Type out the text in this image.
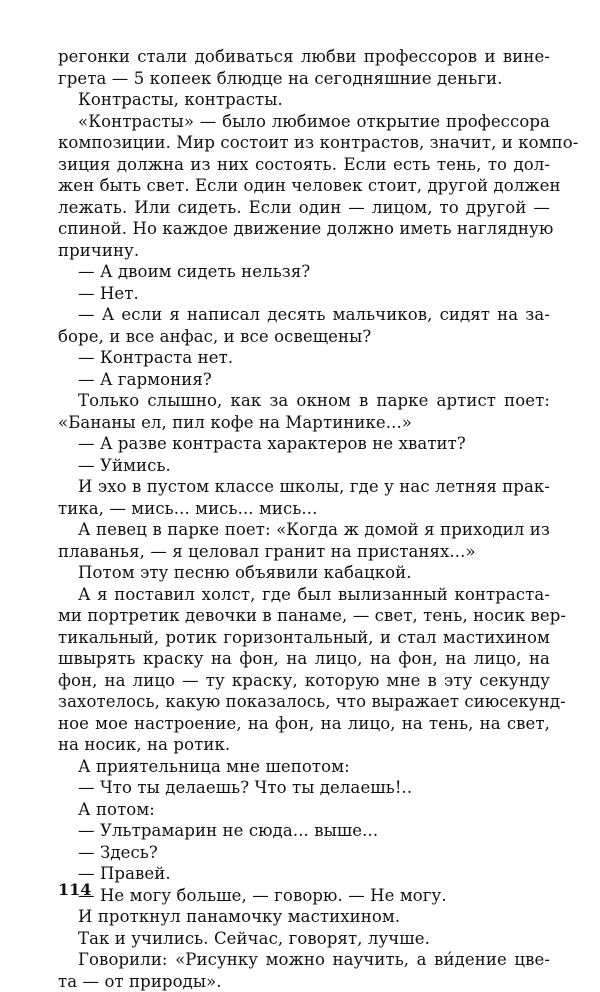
регонки стали добиваться любви профессоров и вине-
грета — 5 копеек блюдце на сегодняшние деньги.
Контрасты, контрасты.
«Контрасты» — было любимое открытие профессора
композиции. Мир состоит из контрастов, значит, и компо-
зиция должна из них состоять. Если есть тень, то дол-
жен быть свет. Если один человек стоит, другой должен
лежать. Или сидеть. Если один — лицом, то другой —
спиной. Но каждое движение должно иметь наглядную
причину.
— А двоим сидеть нельзя?
— Нет.
— А если я написал десять мальчиков, сидят на за-
боре, и все анфас, и все освещены?
— Контраста нет.
— А гармония?
Только слышно, как за окном в парке артист поет:
«Бананы ел, пил кофе на Мартинике...»
— А разве контраста характеров не хватит?
— Уймись.
И эхо в пустом классе школы, где у нас летняя прак-
тика, — мись... мись... мись...
А певец в парке поет: «Когда ж домой я приходил из
плаванья, — я целовал гранит на пристанях...»
Потом эту песню объявили кабацкой.
А я поставил холст, где был вылизанный контраста-
ми портретик девочки в панаме, — свет, тень, носик вер-
тикальный, ротик горизонтальный, и стал мастихином
швырять краску на фон, на лицо, на фон, на лицо, на
фон, на лицо — ту краску, которую мне в эту секунду
захотелось, какую показалось, что выражает сиюсекунд-
ное мое настроение, на фон, на лицо, на тень, на свет,
на носик, на ротик.
А приятельница мне шепотом:
— Что ты делаешь? Что ты делаешь!..
А потом:
— Ультрамарин не сюда... выше...
— Здесь?
— Правей.
— Не могу больше, — говорю. — Не могу.
И проткнул панамочку мастихином.
Так и учились. Сейчас, говорят, лучше.
Говорили: «Рисунку можно научить, а ви́дение цве-
та — от природы».
114
